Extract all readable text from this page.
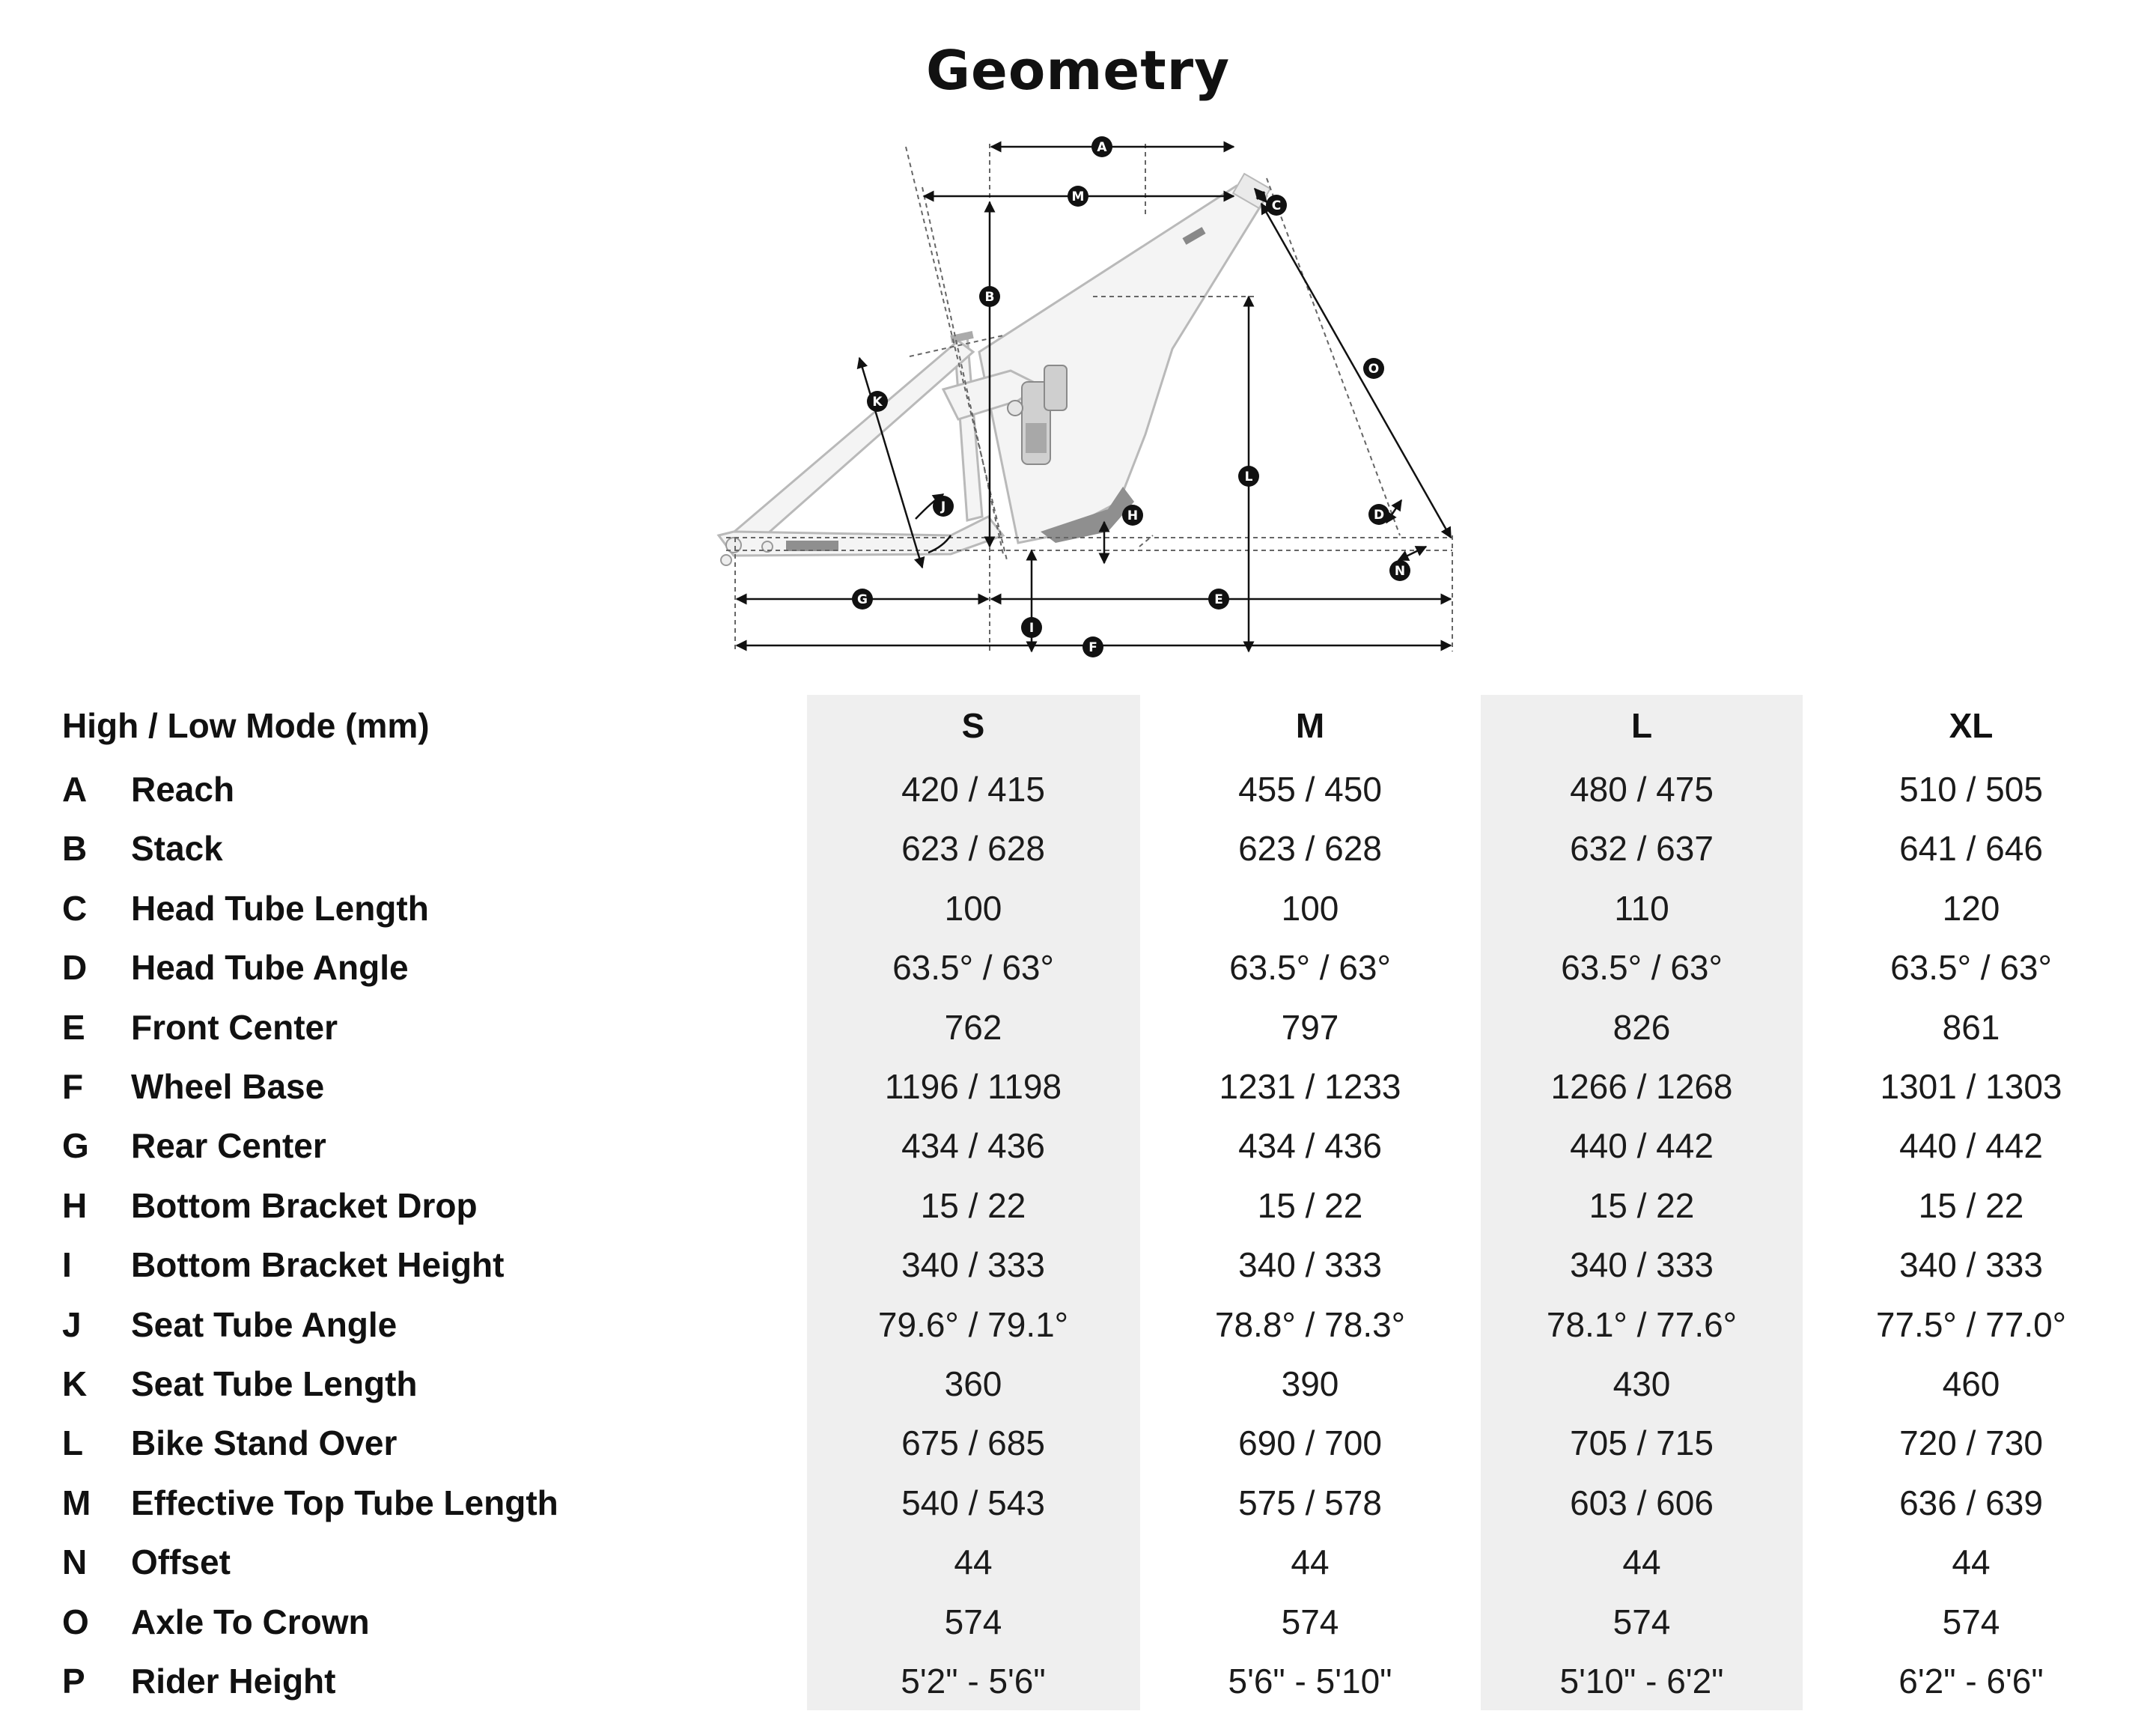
Geometry
A
M
C
B
O
K
L
J
H	D
N
G	E
I
F
High / Low Mode (mm)	S	M	L	XL
A Reach	420 / 415	455 / 450	480 / 475	510 / 505
B Stack	623 / 628	623 / 628	632 / 637	641 / 646
C Head Tube Length	100	100	110	120
D Head Tube Angle	63.5° / 63°	63.5° / 63°	63.5° / 63°	63.5° / 63°
E Front Center	762	797	826	861
F Wheel Base	1196 / 1198	1231 / 1233	1266 / 1268	1301 / 1303
G Rear Center	434 / 436	434 / 436	440 / 442	440 / 442
H Bottom Bracket Drop	15 / 22	15 / 22	15 / 22	15 / 22
I Bottom Bracket Height	340 / 333	340 / 333	340 / 333	340 / 333
J Seat Tube Angle	79.6° / 79.1°	78.8° / 78.3°	78.1° / 77.6°	77.5° / 77.0°
K Seat Tube Length	360	390	430	460
L Bike Stand Over	675 / 685	690 / 700	705 / 715	720 / 730
M Effective Top Tube Length	540 / 543	575 / 578	603 / 606	636 / 639
N Offset	44	44	44	44
O Axle To Crown	574	574	574	574
P Rider Height	5'2" - 5'6"	5'6" - 5'10"	5'10" - 6'2"	6'2" - 6'6"
